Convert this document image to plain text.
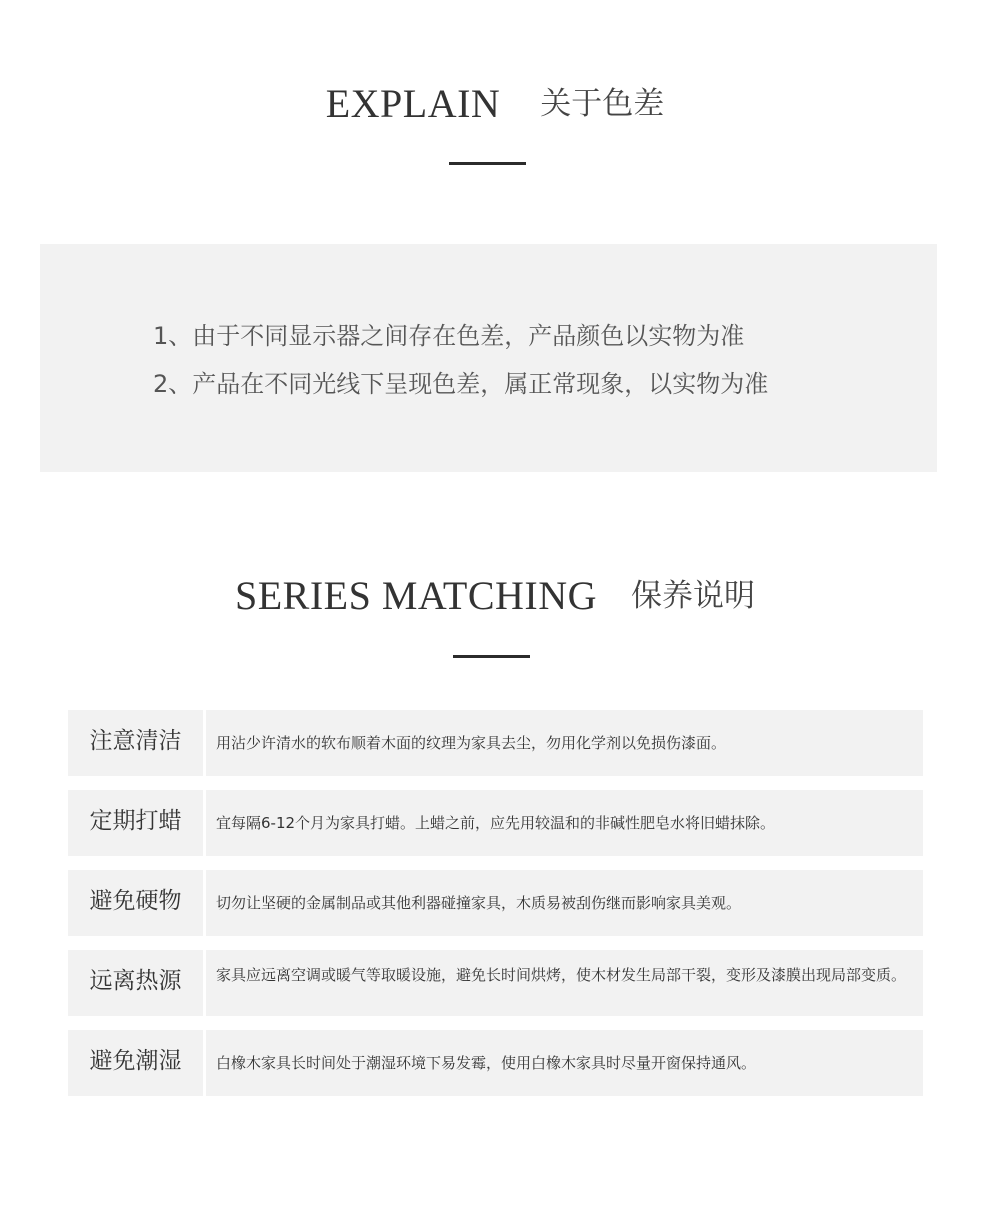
EXPLAIN 关于色差
1、由于不同显示器之间存在色差，产品颜色以实物为准
2、产品在不同光线下呈现色差，属正常现象，以实物为准
SERIES MATCHING 保养说明
注意清洁	用沾少许清水的软布顺着木面的纹理为家具去尘，勿用化学剂以免损伤漆面。
定期打蜡	宜每隔6-12个月为家具打蜡。上蜡之前，应先用较温和的非碱性肥皂水将旧蜡抹除。
避免硬物	切勿让坚硬的金属制品或其他利器碰撞家具，木质易被刮伤继而影响家具美观。
远离热源	家具应远离空调或暖气等取暖设施，避免长时间烘烤，使木材发生局部干裂，变形及漆膜出现局部变质。
避免潮湿	白橡木家具长时间处于潮湿环境下易发霉，使用白橡木家具时尽量开窗保持通风。
